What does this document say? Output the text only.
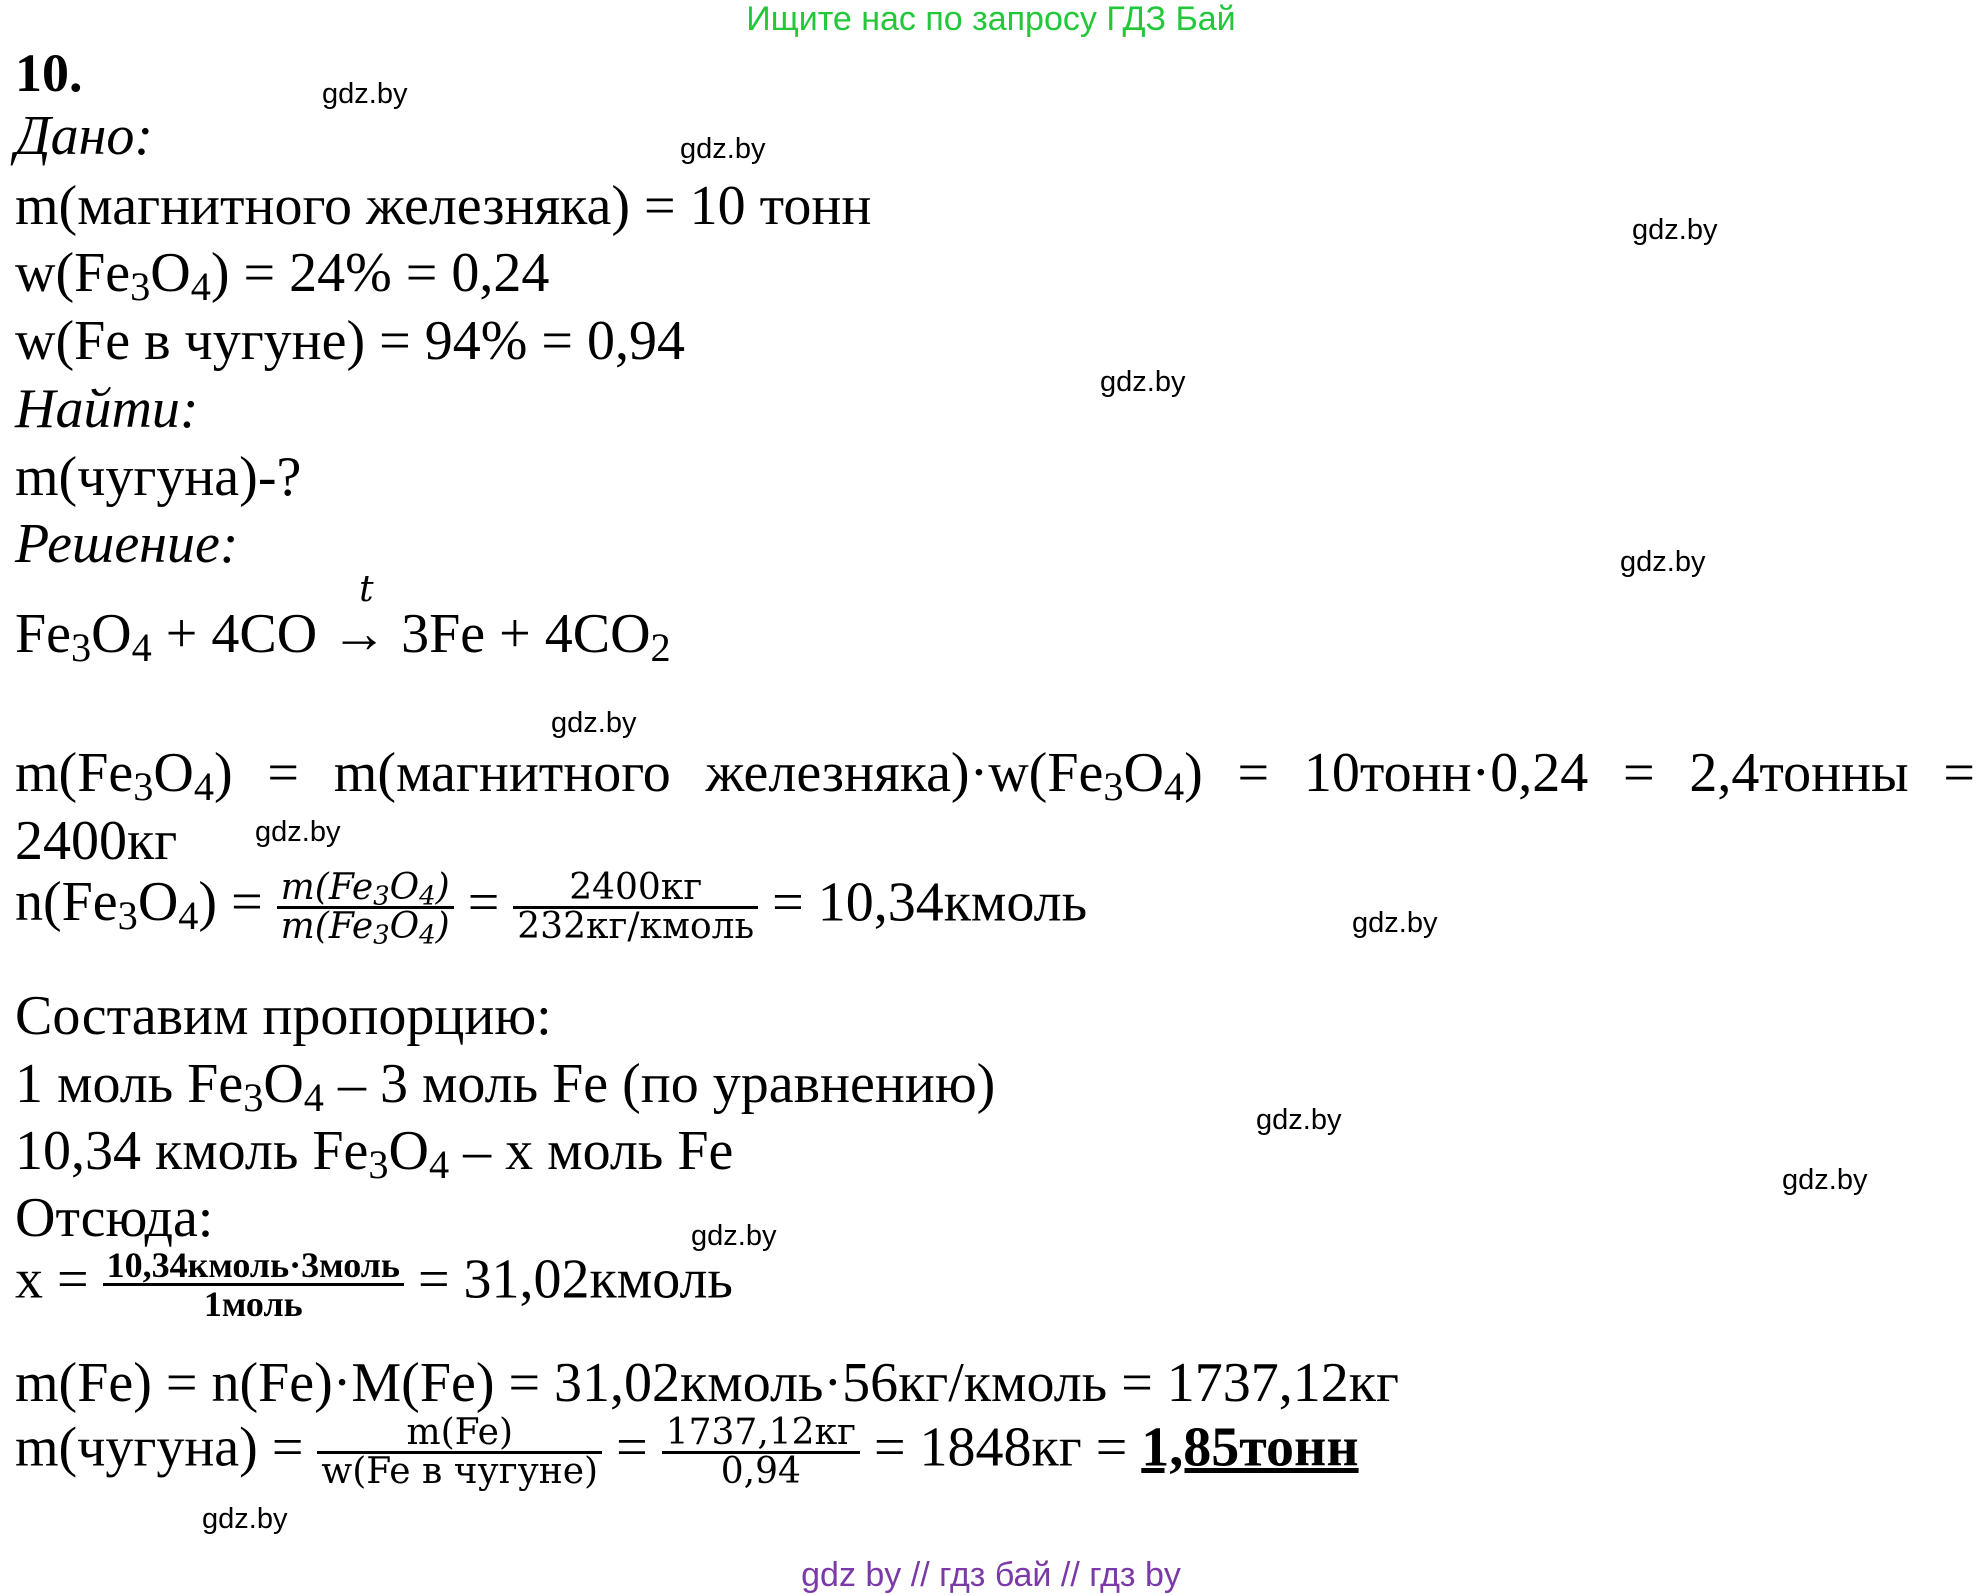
Ищите нас по запросу ГДЗ Бай
gdz.by
gdz.by
gdz.by
gdz.by
gdz.by
gdz.by
gdz.by
gdz.by
gdz.by
gdz.by
gdz.by
gdz.by
10.
Дано:
m(магнитного железняка) = 10 тонн
$w(Fe_3O_4) = 24\% = 0,24$
w(Fe в чугуне) = 94% = 0,94
Найти:
m(чугуна)-?
Решение:
$Fe_3O_4 + 4CO$
t
→ $3Fe + 4CO_2$
$m(Fe_3O_4)$ = m(магнитного $железняка)\cdot w(Fe_3O_4)$ = 10тонн·0,24 = 2,4тонны =
2400кг
$n(Fe_3O_4) = \frac{m(Fe_3O_4)}{m(Fe_3O_4)} = \frac{2400кг}{\text{232кг/кмоль}}$ = 10,34кмоль
Составим пропорцию:
1 моль $Fe_3O_4 - 3$ моль Fe (по уравнению)
10,34 кмоль $Fe_3O_4$ – x моль Fe
Отсюда:
$x = \frac{\text{10,34кмоль·3моль}}{\text{1моль}}$ = 31,02кмоль
m(Fe) = n(Fe)·M(Fe) = 31,02кмоль·56кг/кмоль = 1737,12кг
m(чугуна) = $\frac{m(Fe)}{\text{w(Fe в чугуне)}} = \frac{1737,12кг}{0,94} = 1848кг$ = 1,85тонн
gdz by // гдз бай // гдз by
